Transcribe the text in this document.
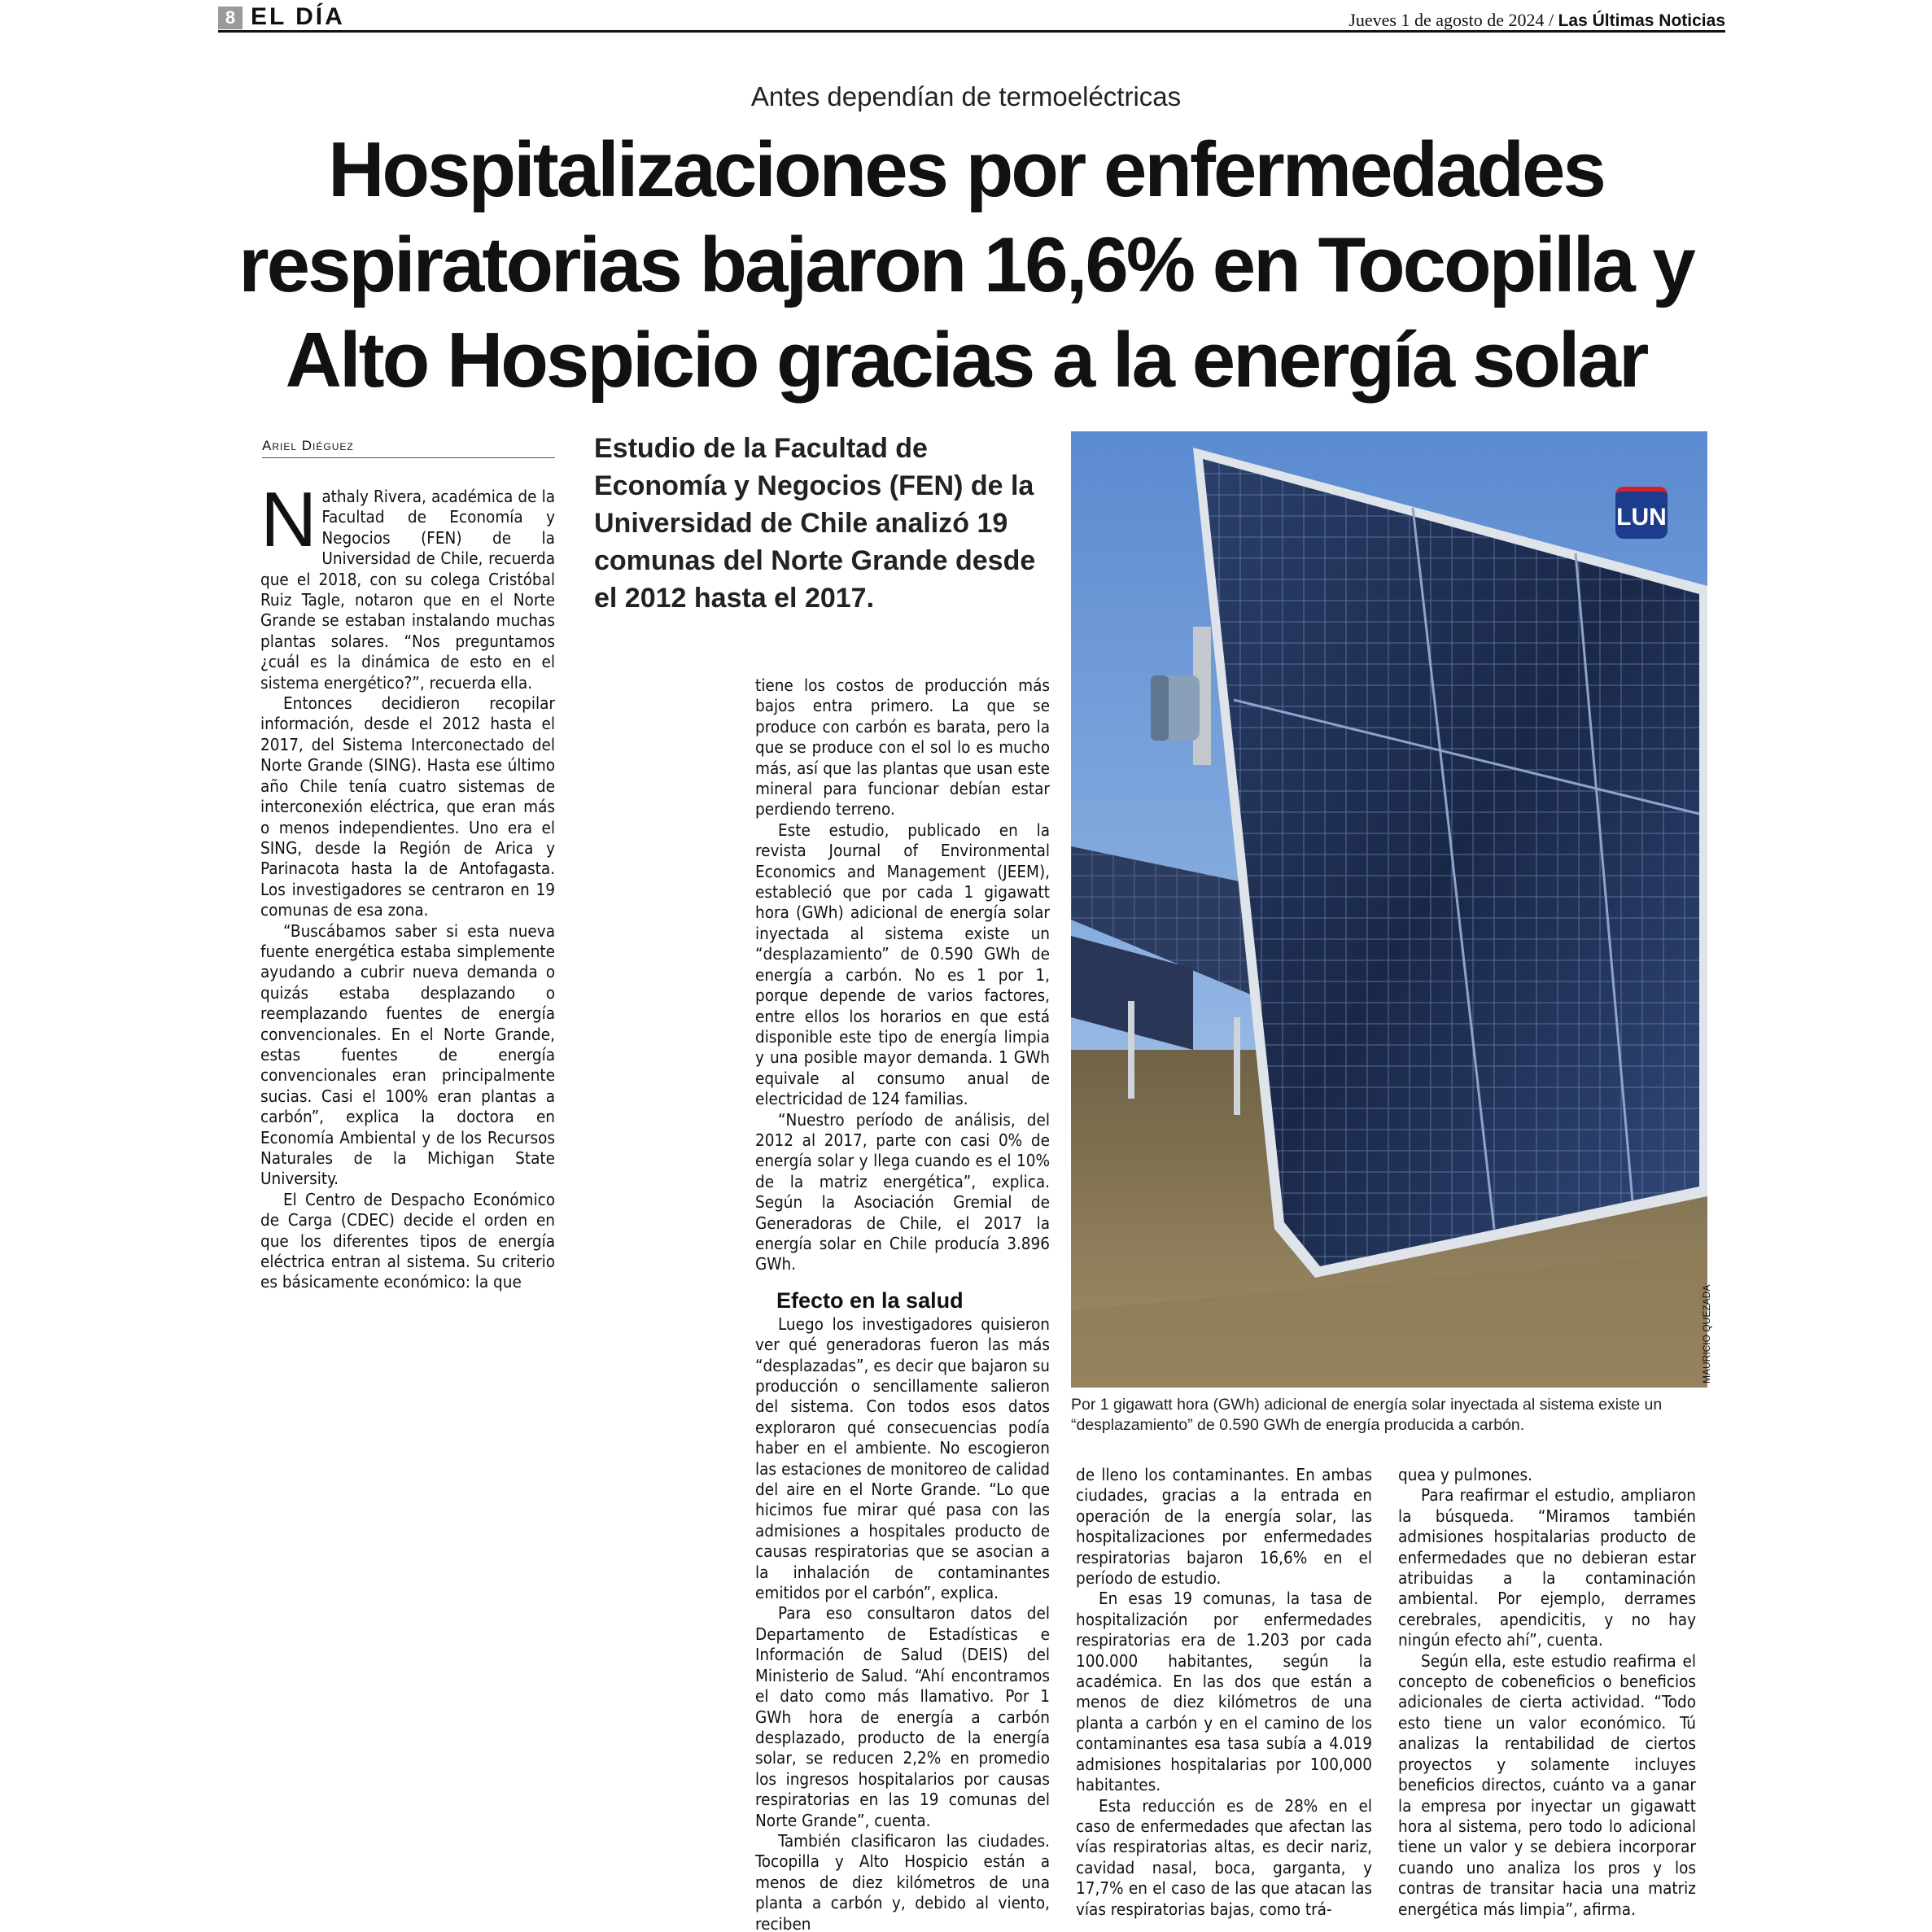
8 EL DÍA	Jueves 1 de agosto de 2024 / Las Últimas Noticias
Antes dependían de termoeléctricas
Hospitalizaciones por enfermedades respiratorias bajaron 16,6% en Tocopilla y Alto Hospicio gracias a la energía solar
Ariel Diéguez

Nathaly Rivera, académica de la Facultad de Economía y Negocios (FEN) de la Universidad de Chile, recuerda que el 2018, con su colega Cristóbal Ruiz Tagle, notaron que en el Norte Grande se estaban instalando muchas plantas solares. “Nos preguntamos ¿cuál es la dinámica de esto en el sistema energético?”, recuerda ella.

Entonces decidieron recopilar información, desde el 2012 hasta el 2017, del Sistema Interconectado del Norte Grande (SING). Hasta ese último año Chile tenía cuatro sistemas de interconexión eléctrica, que eran más o menos independientes. Uno era el SING, desde la Región de Arica y Parinacota hasta la de Antofagasta. Los investigadores se centraron en 19 comunas de esa zona.

“Buscábamos saber si esta nueva fuente energética estaba simplemente ayudando a cubrir nueva demanda o quizás estaba desplazando o reemplazando fuentes de energía convencionales. En el Norte Grande, estas fuentes de energía convencionales eran principalmente sucias. Casi el 100% eran plantas a carbón”, explica la doctora en Economía Ambiental y de los Recursos Naturales de la Michigan State University.

El Centro de Despacho Económico de Carga (CDEC) decide el orden en que los diferentes tipos de energía eléctrica entran al sistema. Su criterio es básicamente económico: la que

Estudio de la Facultad de Economía y Negocios (FEN) de la Universidad de Chile analizó 19 comunas del Norte Grande desde el 2012 hasta el 2017.

tiene los costos de producción más bajos entra primero. La que se produce con carbón es barata, pero la que se produce con el sol lo es mucho más, así que las plantas que usan este mineral para funcionar debían estar perdiendo terreno.

Este estudio, publicado en la revista Journal of Environmental Economics and Management (JEEM), estableció que por cada 1 gigawatt hora (GWh) adicional de energía solar inyectada al sistema existe un “desplazamiento” de 0.590 GWh de energía a carbón. No es 1 por 1, porque depende de varios factores, entre ellos los horarios en que está disponible este tipo de energía limpia y una posible mayor demanda. 1 GWh equivale al consumo anual de electricidad de 124 familias.

“Nuestro período de análisis, del 2012 al 2017, parte con casi 0% de energía solar y llega cuando es el 10% de la matriz energética”, explica. Según la Asociación Gremial de Generadoras de Chile, el 2017 la energía solar en Chile producía 3.896 GWh.

Efecto en la salud

Luego los investigadores quisieron ver qué generadoras fueron las más “desplazadas”, es decir que bajaron su producción o sencillamente salieron del sistema. Con todos esos datos exploraron qué consecuencias podía haber en el ambiente. No escogieron las estaciones de monitoreo de calidad del aire en el Norte Grande. “Lo que hicimos fue mirar qué pasa con las admisiones a hospitales producto de causas respiratorias que se asocian a la inhalación de contaminantes emitidos por el carbón”, explica.

Para eso consultaron datos del Departamento de Estadísticas e Información de Salud (DEIS) del Ministerio de Salud. “Ahí encontramos el dato como más llamativo. Por 1 GWh hora de energía a carbón desplazado, producto de la energía solar, se reducen 2,2% en promedio los ingresos hospitalarios por causas respiratorias en las 19 comunas del Norte Grande”, cuenta.

También clasificaron las ciudades. Tocopilla y Alto Hospicio están a menos de diez kilómetros de una planta a carbón y, debido al viento, reciben

LUN
MAURICIO QUEZADA
Por 1 gigawatt hora (GWh) adicional de energía solar inyectada al sistema existe un “desplazamiento” de 0.590 GWh de energía producida a carbón.

de lleno los contaminantes. En ambas ciudades, gracias a la entrada en operación de la energía solar, las hospitalizaciones por enfermedades respiratorias bajaron 16,6% en el período de estudio.

En esas 19 comunas, la tasa de hospitalización por enfermedades respiratorias era de 1.203 por cada 100.000 habitantes, según la académica. En las dos que están a menos de diez kilómetros de una planta a carbón y en el camino de los contaminantes esa tasa subía a 4.019 admisiones hospitalarias por 100,000 habitantes.

Esta reducción es de 28% en el caso de enfermedades que afectan las vías respiratorias altas, es decir nariz, cavidad nasal, boca, garganta, y 17,7% en el caso de las que atacan las vías respiratorias bajas, como trá-

quea y pulmones.

Para reafirmar el estudio, ampliaron la búsqueda. “Miramos también admisiones hospitalarias producto de enfermedades que no debieran estar atribuidas a la contaminación ambiental. Por ejemplo, derrames cerebrales, apendicitis, y no hay ningún efecto ahí”, cuenta.

Según ella, este estudio reafirma el concepto de cobeneficios o beneficios adicionales de cierta actividad. “Todo esto tiene un valor económico. Tú analizas la rentabilidad de ciertos proyectos y solamente incluyes beneficios directos, cuánto va a ganar la empresa por inyectar un gigawatt hora al sistema, pero todo lo adicional tiene un valor y se debiera incorporar cuando uno analiza los pros y los contras de transitar hacia una matriz energética más limpia”, afirma.
